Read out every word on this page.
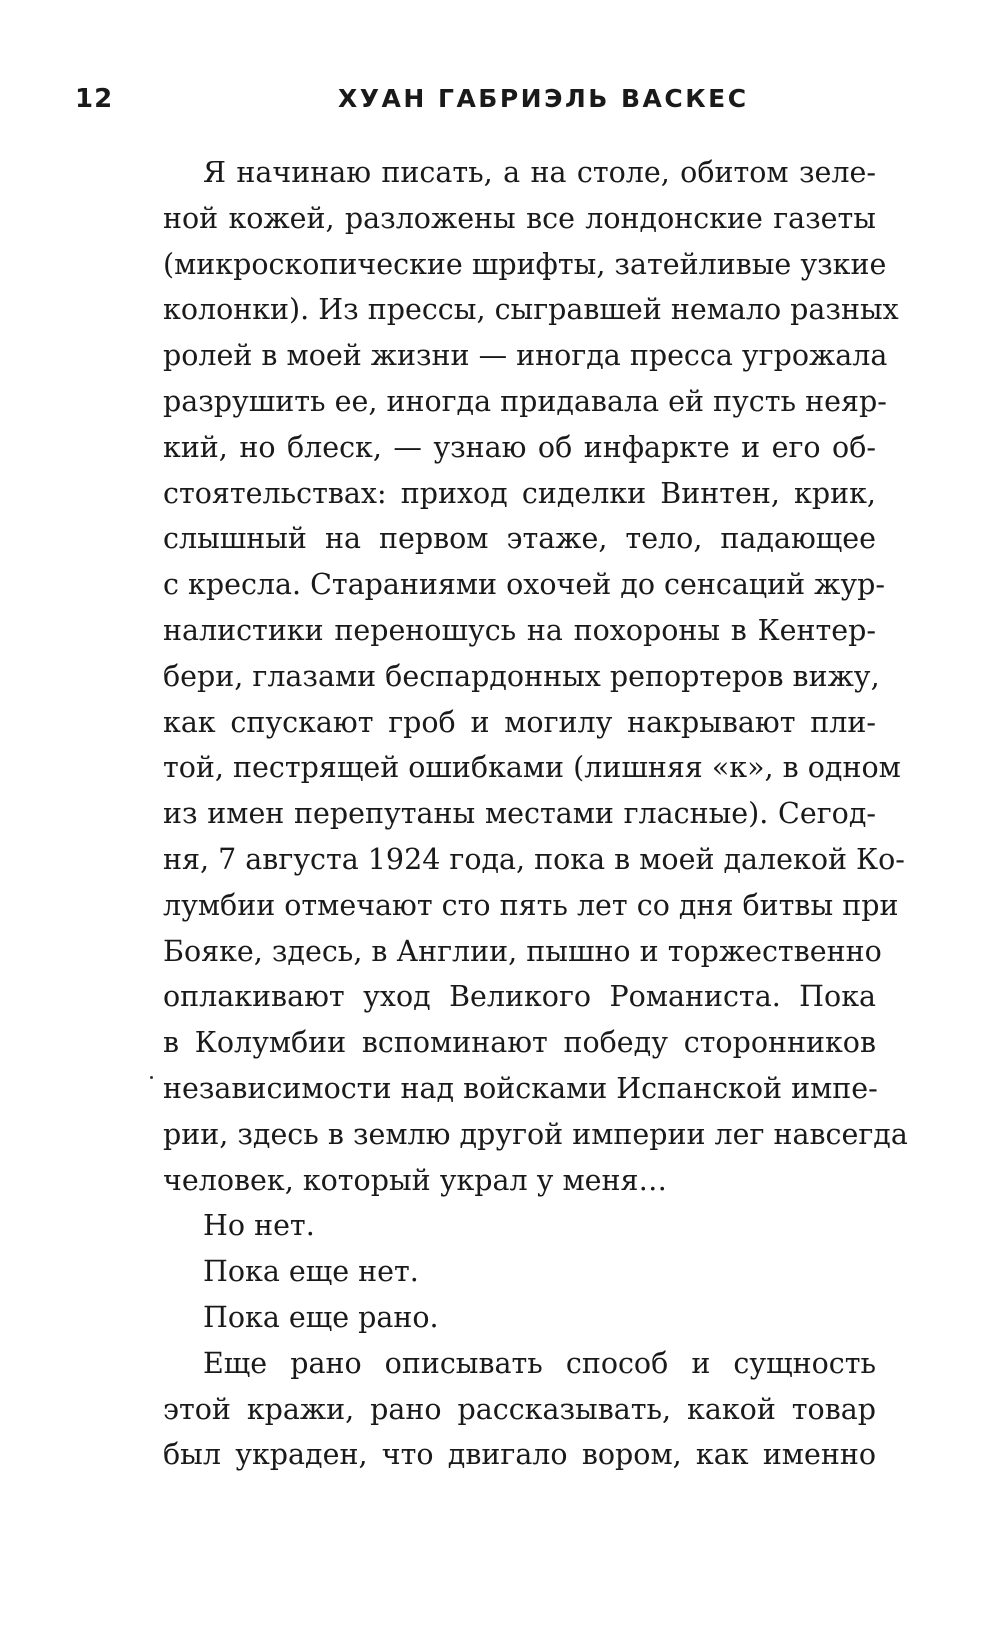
12	ХУАН ГАБРИЭЛЬ ВАСКЕС
Я начинаю писать, а на столе, обитом зеле-
ной кожей, разложены все лондонские газеты
(микроскопические шрифты, затейливые узкие
колонки). Из прессы, сыгравшей немало разных
ролей в моей жизни — иногда пресса угрожала
разрушить ее, иногда придавала ей пусть неяр-
кий, но блеск, — узнаю об инфаркте и его об-
стоятельствах: приход сиделки Винтен, крик,
слышный на первом этаже, тело, падающее
с кресла. Стараниями охочей до сенсаций жур-
налистики переношусь на похороны в Кентер-
бери, глазами беспардонных репортеров вижу,
как спускают гроб и могилу накрывают пли-
той, пестрящей ошибками (лишняя «к», в одном
из имен перепутаны местами гласные). Сегод-
ня, 7 августа 1924 года, пока в моей далекой Ко-
лумбии отмечают сто пять лет со дня битвы при
Бояке, здесь, в Англии, пышно и торжественно
оплакивают уход Великого Романиста. Пока
в Колумбии вспоминают победу сторонников
независимости над войсками Испанской импе-
рии, здесь в землю другой империи лег навсегда
человек, который украл у меня…
Но нет.
Пока еще нет.
Пока еще рано.
Еще рано описывать способ и сущность
этой кражи, рано рассказывать, какой товар
был украден, что двигало вором, как именно
